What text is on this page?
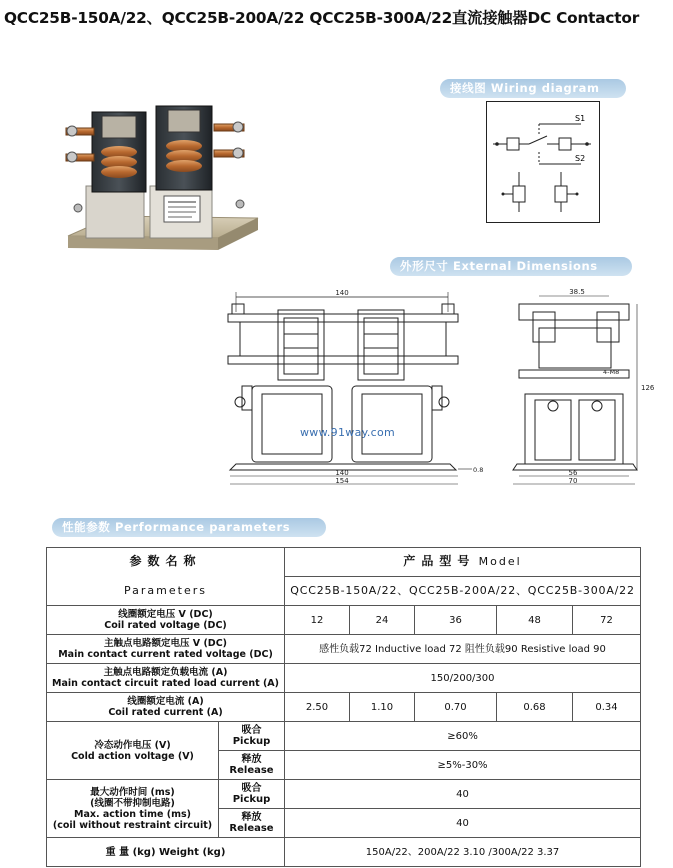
QCC25B-150A/22、QCC25B-200A/22 QCC25B-300A/22直流接触器DC Contactor
接线图 Wiring diagram
外形尺寸 External Dimensions
性能参数 Performance parameters
S1
S2
140
140
154
0.8
www.91way.com
38.5
126
4-M8
56
70
参数名称		产品型号 Model				
Parameters		QCC25B-150A/22、QCC25B-200A/22、QCC25B-300A/22				

线圈额定电压 V (DC)
Coil rated voltage (DC)		12	24	36	48	72

主触点电路额定电压 V (DC)
Main contact current rated voltage (DC)		感性负载72 Inductive load 72 阻性负载90 Resistive load 90				

主触点电路额定负载电流 (A)
Main contact circuit rated load current (A)		150/200/300				

线圈额定电流 (A)
Coil rated current (A)		2.50	1.10	0.70	0.68	0.34

冷态动作电压 (V)
Cold action voltage (V)	吸合
Pickup	≥60%				

	释放
Release	≥5%-30%				

最大动作时间 (ms)
(线圈不带抑制电路)
Max. action time (ms)
(coil without restraint circuit)	吸合
Pickup	40				

	释放
Release	40				
重 量 (kg) Weight (kg)		150A/22、200A/22 3.10 /300A/22 3.37				
